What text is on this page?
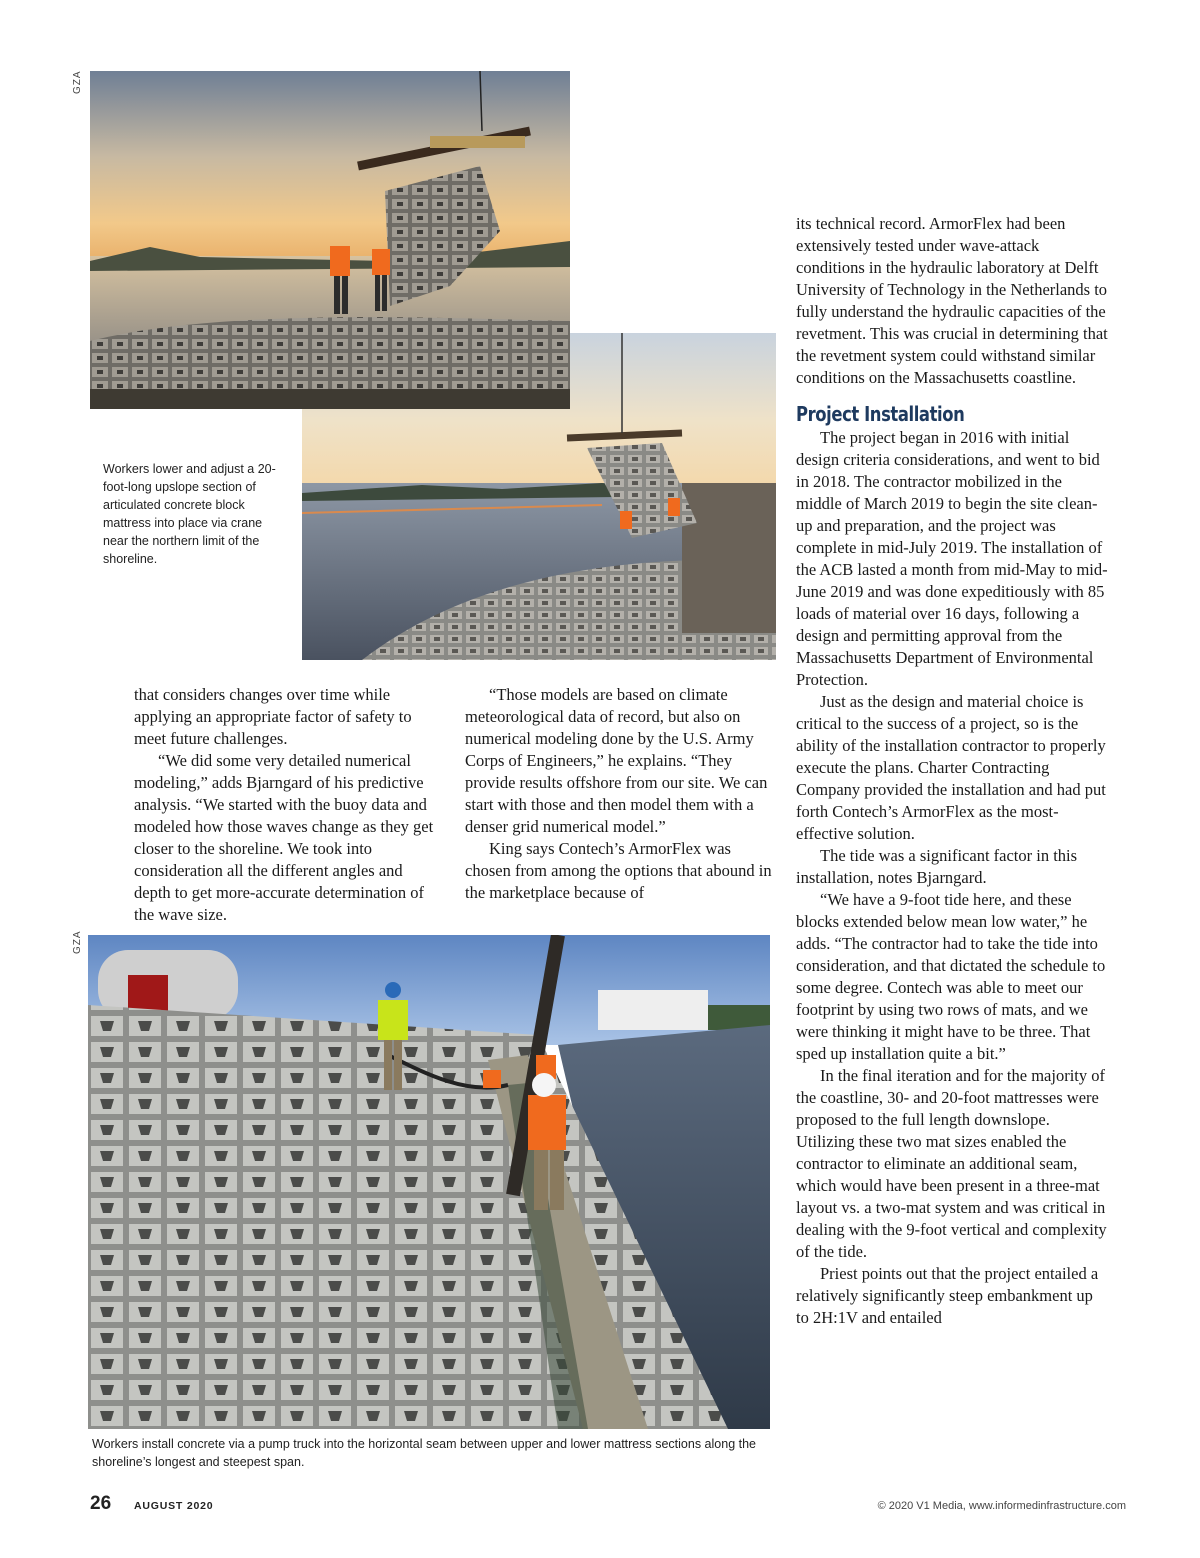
GZA
GZA
Workers lower and adjust a 20-foot-long upslope section of articulated concrete block mattress into place via crane near the northern limit of the shoreline.

that considers changes over time while applying an appropriate factor of safety to meet future challenges.

“We did some very detailed numerical modeling,” adds Bjarngard of his predictive analysis. “We started with the buoy data and modeled how those waves change as they get closer to the shoreline. We took into consideration all the different angles and depth to get more-accurate determination of the wave size.

“Those models are based on climate meteorological data of record, but also on numerical modeling done by the U.S. Army Corps of Engineers,” he explains. “They provide results offshore from our site. We can start with those and then model them with a denser grid numerical model.”

King says Contech’s ArmorFlex was chosen from among the options that abound in the marketplace because of

its technical record. ArmorFlex had been extensively tested under wave-attack conditions in the hydraulic laboratory at Delft University of Technology in the Netherlands to fully understand the hydraulic capacities of the revetment. This was crucial in determining that the revetment system could withstand similar conditions on the Massachusetts coastline.

Project Installation

The project began in 2016 with initial design criteria considerations, and went to bid in 2018. The contractor mobilized in the middle of March 2019 to begin the site clean-up and preparation, and the project was complete in mid-July 2019. The installation of the ACB lasted a month from mid-May to mid-June 2019 and was done expeditiously with 85 loads of material over 16 days, following a design and permitting approval from the Massachusetts Department of Environmental Protection.

Just as the design and material choice is critical to the success of a project, so is the ability of the installation contractor to properly execute the plans. Charter Contracting Company provided the installation and had put forth Contech’s ArmorFlex as the most-effective solution.

The tide was a significant factor in this installation, notes Bjarngard.

“We have a 9-foot tide here, and these blocks extended below mean low water,” he adds. “The contractor had to take the tide into consideration, and that dictated the schedule to some degree. Contech was able to meet our footprint by using two rows of mats, and we were thinking it might have to be three. That sped up installation quite a bit.”

In the final iteration and for the majority of the coastline, 30- and 20-foot mattresses were proposed to the full length downslope. Utilizing these two mat sizes enabled the contractor to eliminate an additional seam, which would have been present in a three-mat layout vs. a two-mat system and was critical in dealing with the 9-foot vertical and complexity of the tide.

Priest points out that the project entailed a relatively significantly steep embankment up to 2H:1V and entailed

Workers install concrete via a pump truck into the horizontal seam between upper and lower mattress sections along the shoreline’s longest and steepest span.
26 AUGUST 2020	© 2020 V1 Media, www.informedinfrastructure.com
